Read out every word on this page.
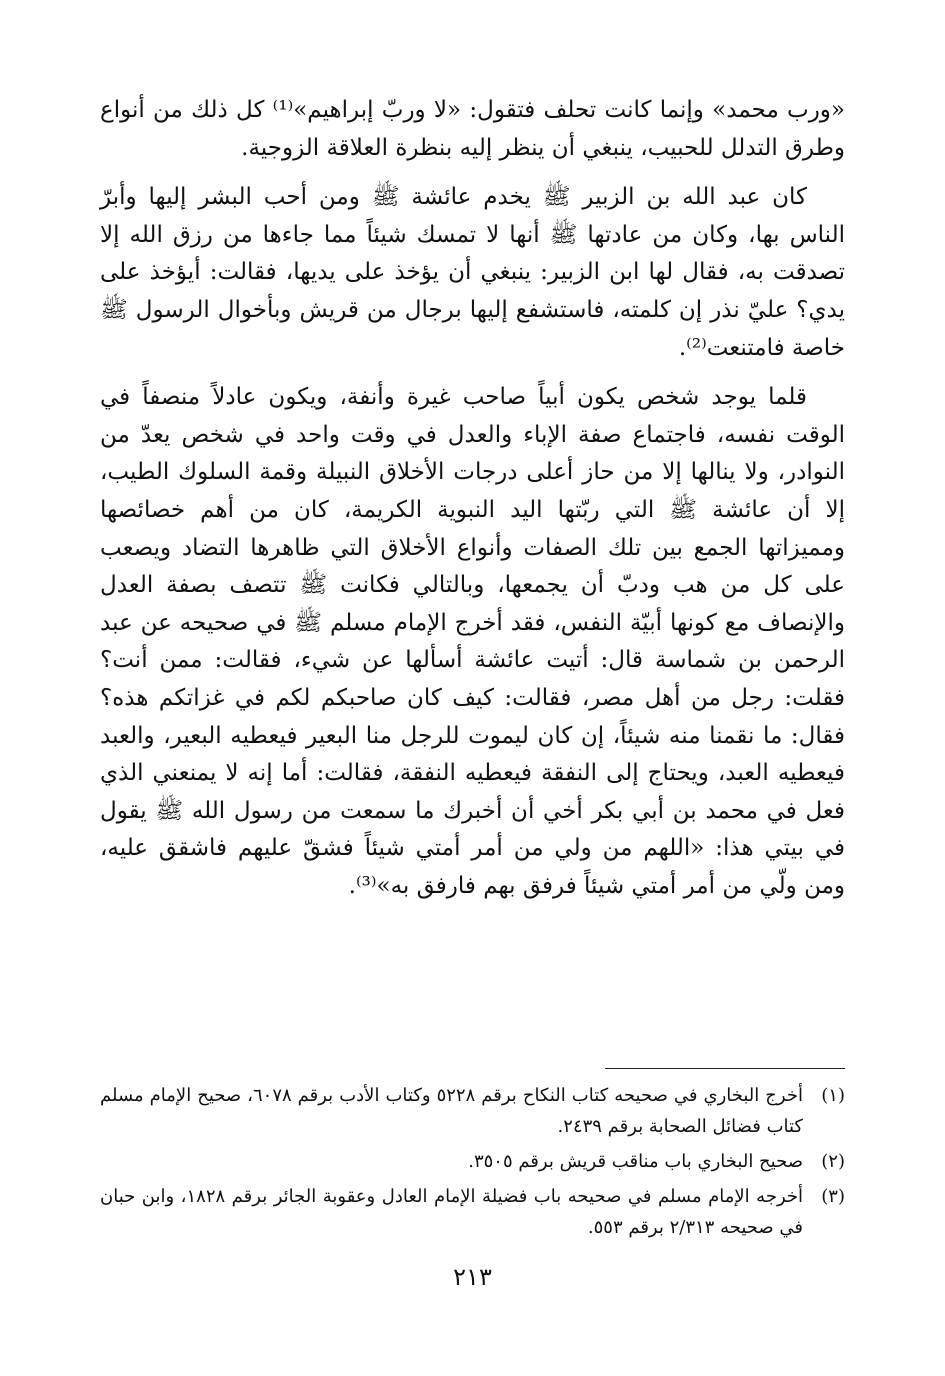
«ورب محمد» وإنما كانت تحلف فتقول: «لا وربّ إبراهيم»⁽¹⁾ كل ذلك من أنواع وطرق التدلل للحبيب، ينبغي أن ينظر إليه بنظرة العلاقة الزوجية.

كان عبد الله بن الزبير ﷺ يخدم عائشة ﷺ ومن أحب البشر إليها وأبرّ الناس بها، وكان من عادتها ﷺ أنها لا تمسك شيئاً مما جاءها من رزق الله إلا تصدقت به، فقال لها ابن الزبير: ينبغي أن يؤخذ على يديها، فقالت: أيؤخذ على يدي؟ عليّ نذر إن كلمته، فاستشفع إليها برجال من قريش وبأخوال الرسول ﷺ خاصة فامتنعت⁽²⁾.

قلما يوجد شخص يكون أبياً صاحب غيرة وأنفة، ويكون عادلاً منصفاً في الوقت نفسه، فاجتماع صفة الإباء والعدل في وقت واحد في شخص يعدّ من النوادر، ولا ينالها إلا من حاز أعلى درجات الأخلاق النبيلة وقمة السلوك الطيب، إلا أن عائشة ﷺ التي ربّتها اليد النبوية الكريمة، كان من أهم خصائصها ومميزاتها الجمع بين تلك الصفات وأنواع الأخلاق التي ظاهرها التضاد ويصعب على كل من هب ودبّ أن يجمعها، وبالتالي فكانت ﷺ تتصف بصفة العدل والإنصاف مع كونها أبيّة النفس، فقد أخرج الإمام مسلم ﷺ في صحيحه عن عبد الرحمن بن شماسة قال: أتيت عائشة أسألها عن شيء، فقالت: ممن أنت؟ فقلت: رجل من أهل مصر، فقالت: كيف كان صاحبكم لكم في غزاتكم هذه؟ فقال: ما نقمنا منه شيئاً، إن كان ليموت للرجل منا البعير فيعطيه البعير، والعبد فيعطيه العبد، ويحتاج إلى النفقة فيعطيه النفقة، فقالت: أما إنه لا يمنعني الذي فعل في محمد بن أبي بكر أخي أن أخبرك ما سمعت من رسول الله ﷺ يقول في بيتي هذا: «اللهم من ولي من أمر أمتي شيئاً فشقّ عليهم فاشقق عليه، ومن ولّي من أمر أمتي شيئاً فرفق بهم فارفق به»⁽³⁾.

(١)
أخرج البخاري في صحيحه كتاب النكاح برقم ٥٢٢٨ وكتاب الأدب برقم ٦٠٧٨، صحيح الإمام مسلم كتاب فضائل الصحابة برقم ٢٤٣٩.
(٢)
صحيح البخاري باب مناقب قريش برقم ٣٥٠٥.
(٣)
أخرجه الإمام مسلم في صحيحه باب فضيلة الإمام العادل وعقوبة الجائر برقم ١٨٢٨، وابن حبان في صحيحه ٢/٣١٣ برقم ٥٥٣.
٢١٣
